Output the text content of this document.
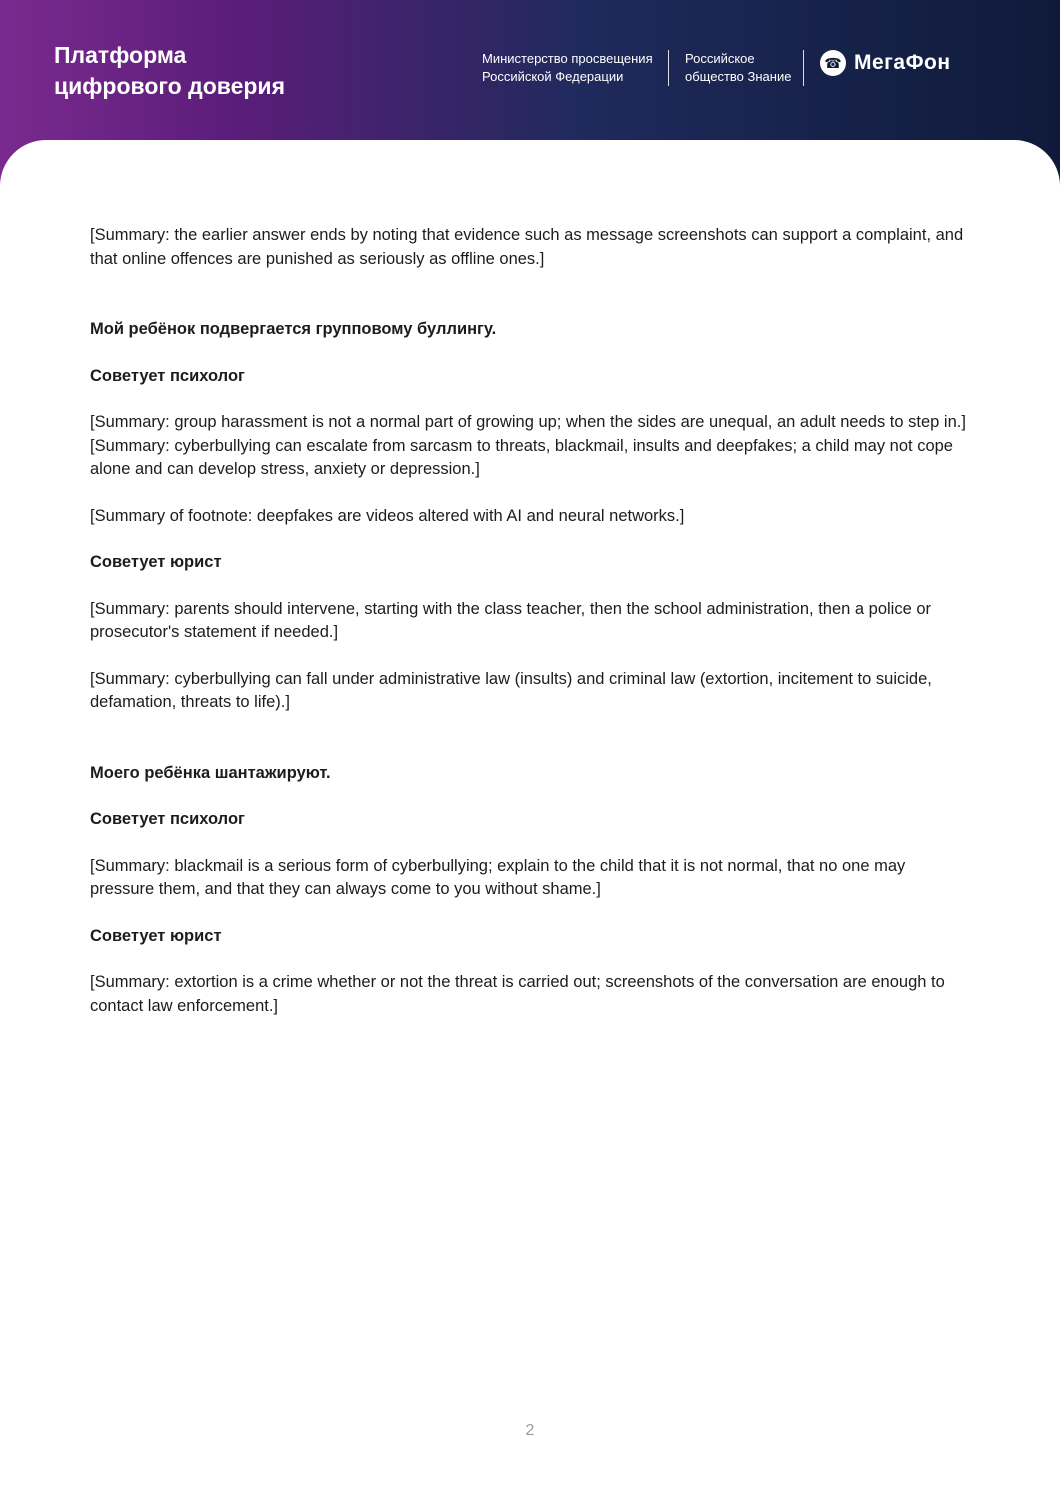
Платформа
цифрового доверия
Министерство просвещения
Российской Федерации
Российское
общество Знание
☎ МегаФон

[Summary: the earlier answer ends by noting that evidence such as message screenshots can support a complaint, and that online offences are punished as seriously as offline ones.]

Мой ребёнок подвергается групповому буллингу.

Советует психолог

[Summary: group harassment is not a normal part of growing up; when the sides are unequal, an adult needs to step in.]

[Summary: cyberbullying can escalate from sarcasm to threats, blackmail, insults and deepfakes; a child may not cope alone and can develop stress, anxiety or depression.]

[Summary of footnote: deepfakes are videos altered with AI and neural networks.]

Советует юрист

[Summary: parents should intervene, starting with the class teacher, then the school administration, then a police or prosecutor's statement if needed.]

[Summary: cyberbullying can fall under administrative law (insults) and criminal law (extortion, incitement to suicide, defamation, threats to life).]

Моего ребёнка шантажируют.

Советует психолог

[Summary: blackmail is a serious form of cyberbullying; explain to the child that it is not normal, that no one may pressure them, and that they can always come to you without shame.]

Советует юрист

[Summary: extortion is a crime whether or not the threat is carried out; screenshots of the conversation are enough to contact law enforcement.]

2
